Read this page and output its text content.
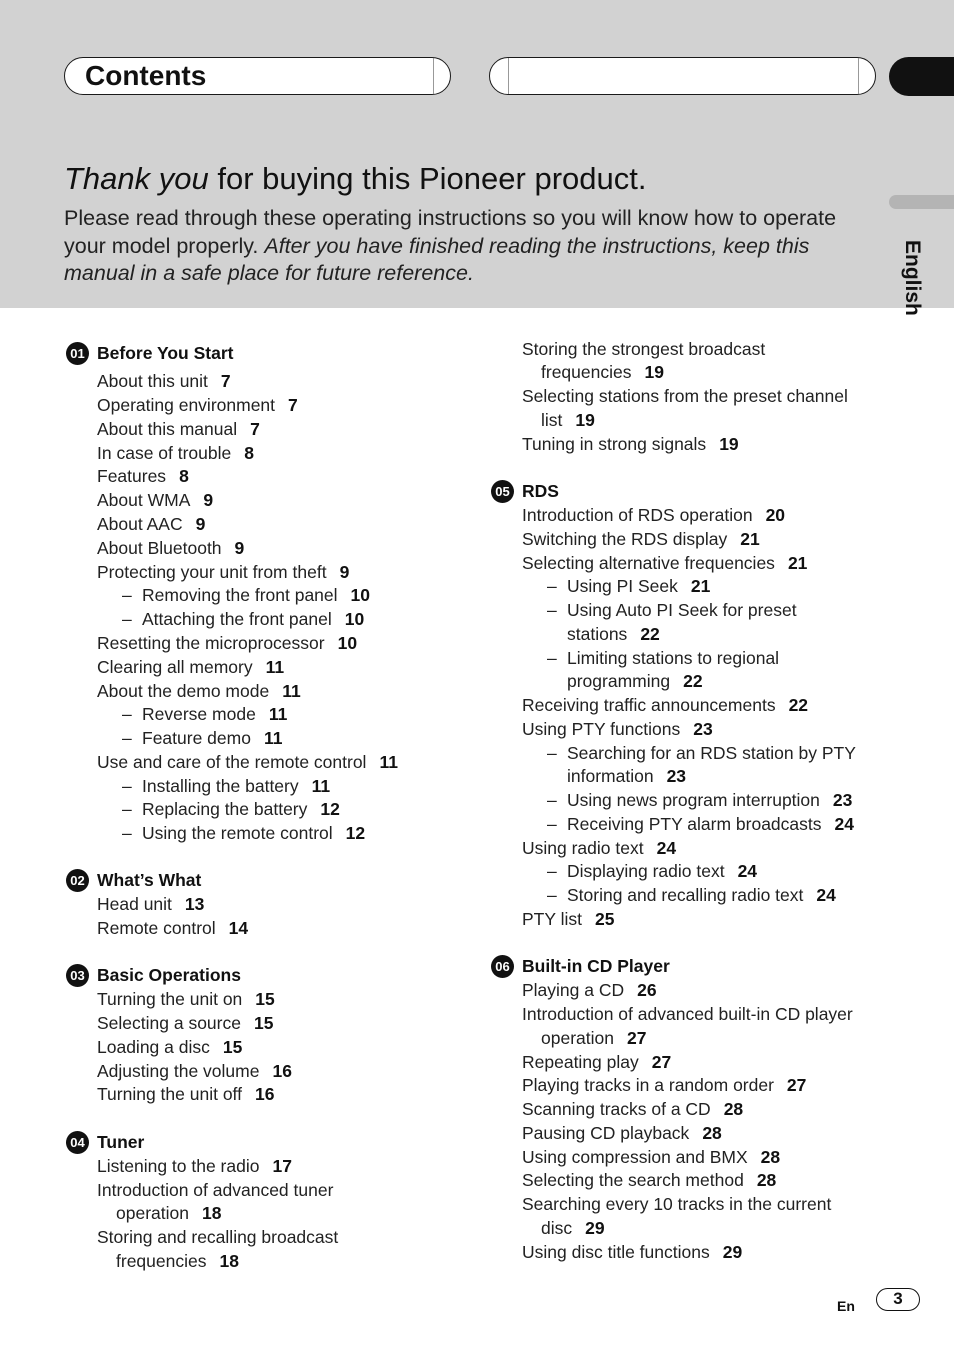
Contents
English
Thank you for buying this Pioneer product.
Please read through these operating instructions so you will know how to operate your model properly. After you have finished reading the instructions, keep this manual in a safe place for future reference.
01 Before You Start
About this unit 7
Operating environment 7
About this manual 7
In case of trouble 8
Features 8
About WMA 9
About AAC 9
About Bluetooth 9
Protecting your unit from theft 9
– Removing the front panel 10
– Attaching the front panel 10
Resetting the microprocessor 10
Clearing all memory 11
About the demo mode 11
– Reverse mode 11
– Feature demo 11
Use and care of the remote control 11
– Installing the battery 11
– Replacing the battery 12
– Using the remote control 12
02 What’s What
Head unit 13
Remote control 14
03 Basic Operations
Turning the unit on 15
Selecting a source 15
Loading a disc 15
Adjusting the volume 16
Turning the unit off 16
04 Tuner
Listening to the radio 17
Introduction of advanced tuner
operation 18
Storing and recalling broadcast
frequencies 18
Storing the strongest broadcast
frequencies 19
Selecting stations from the preset channel
list 19
Tuning in strong signals 19
05 RDS
Introduction of RDS operation 20
Switching the RDS display 21
Selecting alternative frequencies 21
– Using PI Seek 21
– Using Auto PI Seek for preset
stations 22
– Limiting stations to regional
programming 22
Receiving traffic announcements 22
Using PTY functions 23
– Searching for an RDS station by PTY
information 23
– Using news program interruption 23
– Receiving PTY alarm broadcasts 24
Using radio text 24
– Displaying radio text 24
– Storing and recalling radio text 24
PTY list 25
06 Built-in CD Player
Playing a CD 26
Introduction of advanced built-in CD player
operation 27
Repeating play 27
Playing tracks in a random order 27
Scanning tracks of a CD 28
Pausing CD playback 28
Using compression and BMX 28
Selecting the search method 28
Searching every 10 tracks in the current
disc 29
Using disc title functions 29
En	3
